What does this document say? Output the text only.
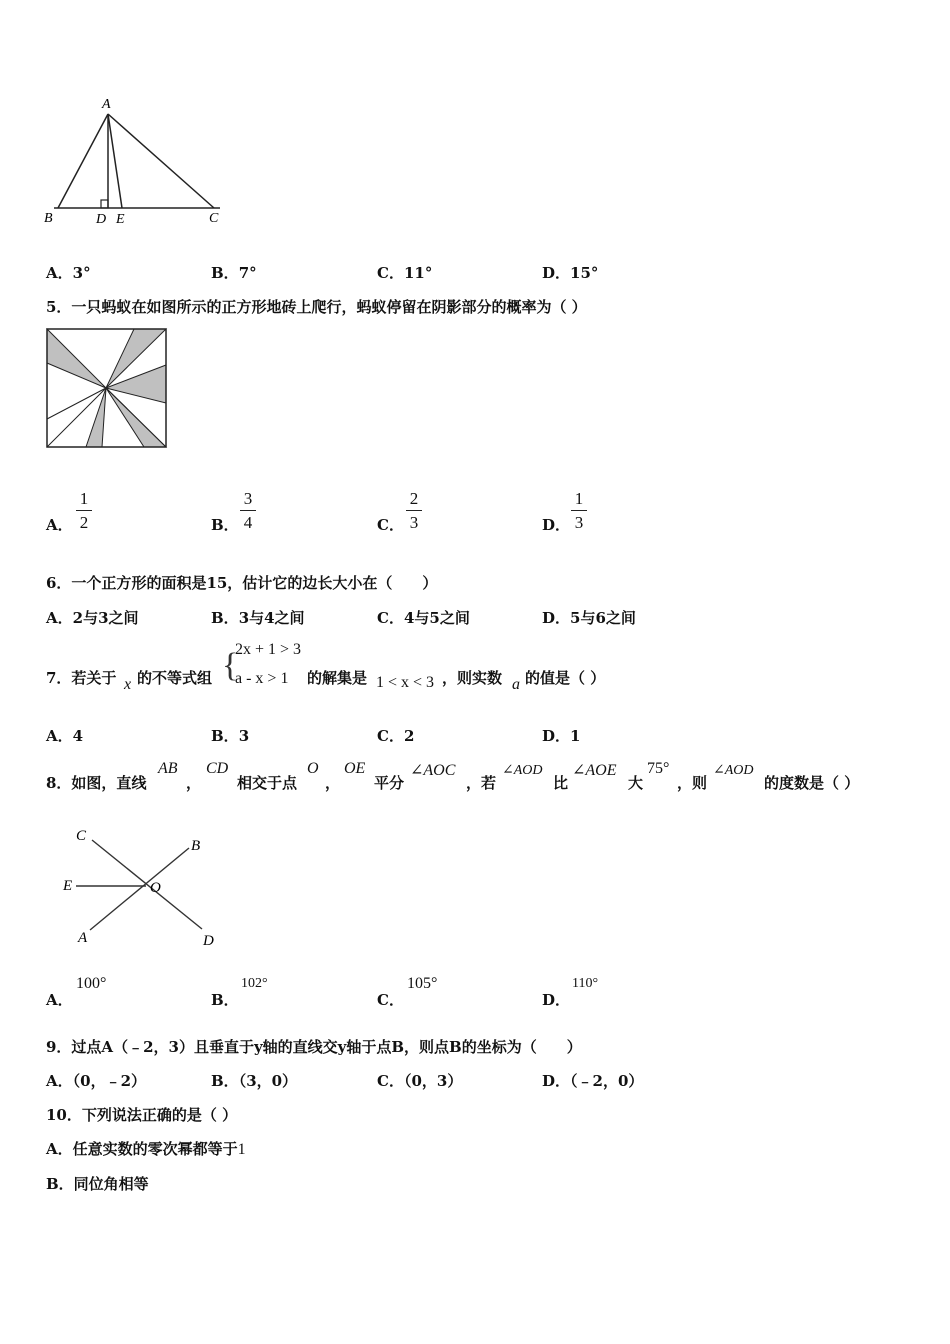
A
B	D E	C
A．3°	B．7°	C．11°	D．15°
5．一只蚂蚁在如图所示的正方形地砖上爬行，蚂蚁停留在阴影部分的概率为（ ）
A．
1
2	B．
3
4	C．
2
3	D．
1
3
6．一个正方形的面积是15，估计它的边长大小在（　　）
A．2与3之间	B．3与4之间	C．4与5之间	D．5与6之间
7．若关于 x 的不等式组 {
2x + 1 > 3
a - x > 1 的解集是 1 < x < 3 ，则实数 a 的值是（ ）
A．4	B．3	C．2	D．1
8．如图，直线
AB
，
CD
相交于点
O
，
OE
平分
∠AOC
，若
∠AOD
比
∠AOE
大
75°
，则
∠AOD
的度数是（ ）
C
B
E	O
A	D
A．
100°
B．
102°
C．
105°
D．
110°
9．过点A（﹣2，3）且垂直于y轴的直线交y轴于点B，则点B的坐标为（　　）
A．（0，﹣2）	B．（3，0）	C．（0，3）	D．（﹣2，0）
10．下列说法正确的是（ ）
A．任意实数的零次幂都等于1
B．同位角相等
